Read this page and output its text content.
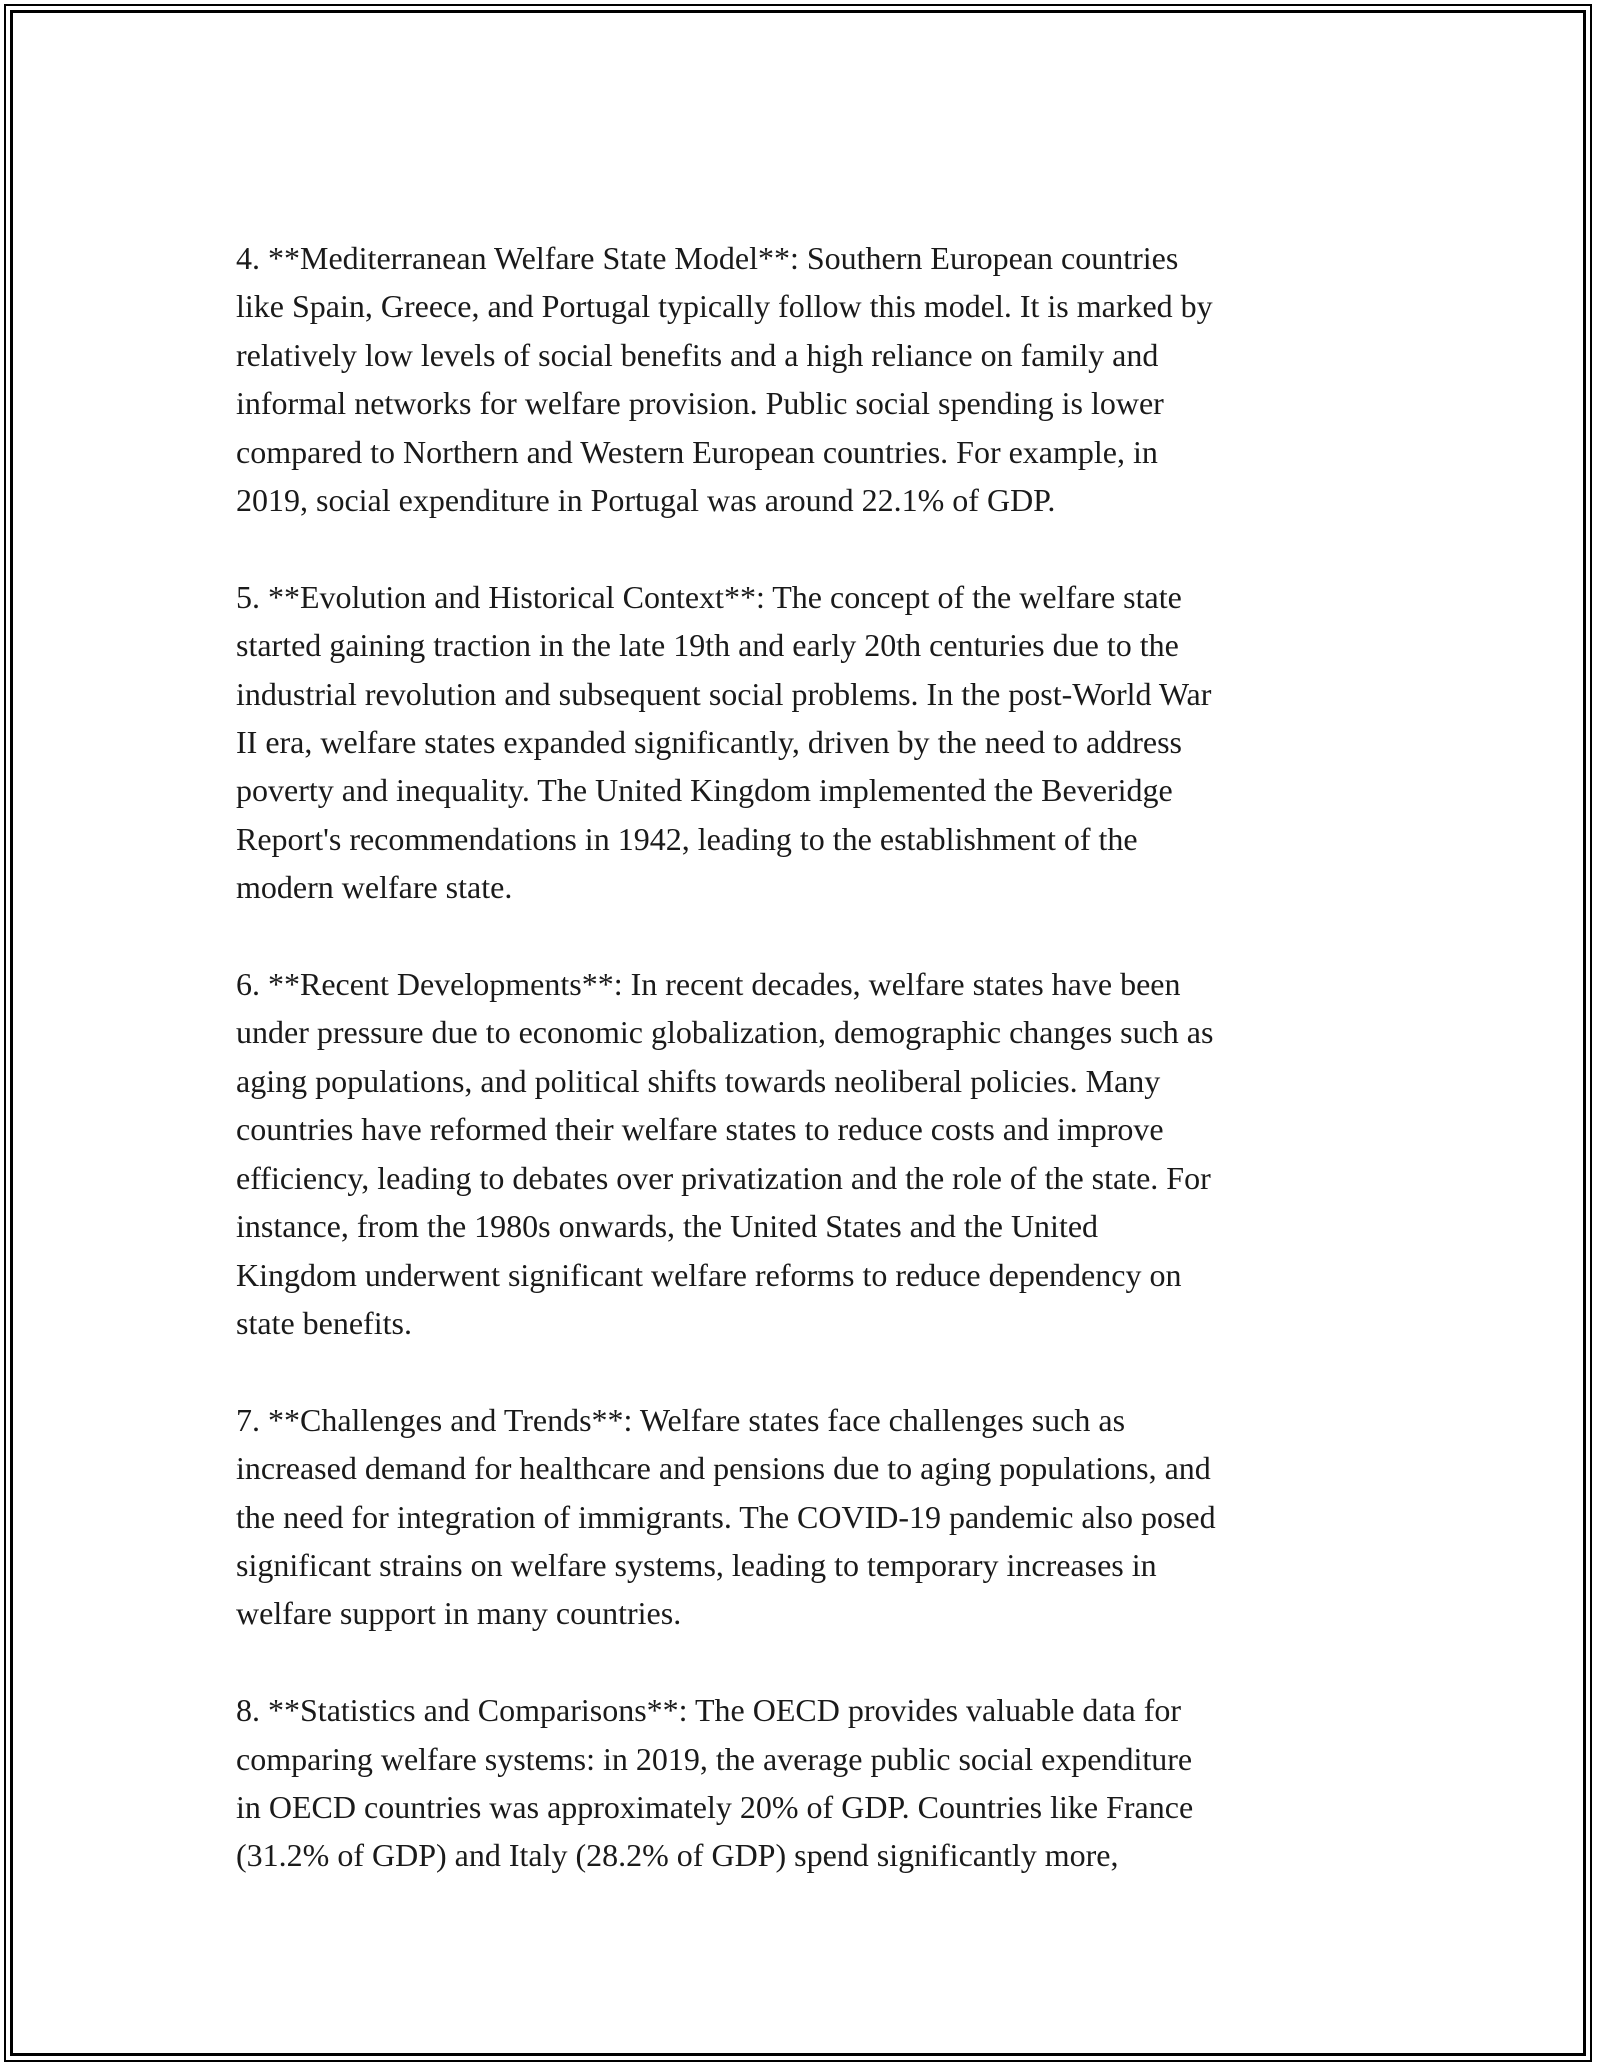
4. **Mediterranean Welfare State Model**: Southern European countries
like Spain, Greece, and Portugal typically follow this model. It is marked by
relatively low levels of social benefits and a high reliance on family and
informal networks for welfare provision. Public social spending is lower
compared to Northern and Western European countries. For example, in
2019, social expenditure in Portugal was around 22.1% of GDP.

5. **Evolution and Historical Context**: The concept of the welfare state
started gaining traction in the late 19th and early 20th centuries due to the
industrial revolution and subsequent social problems. In the post-World War
II era, welfare states expanded significantly, driven by the need to address
poverty and inequality. The United Kingdom implemented the Beveridge
Report's recommendations in 1942, leading to the establishment of the
modern welfare state.

6. **Recent Developments**: In recent decades, welfare states have been
under pressure due to economic globalization, demographic changes such as
aging populations, and political shifts towards neoliberal policies. Many
countries have reformed their welfare states to reduce costs and improve
efficiency, leading to debates over privatization and the role of the state. For
instance, from the 1980s onwards, the United States and the United
Kingdom underwent significant welfare reforms to reduce dependency on
state benefits.

7. **Challenges and Trends**: Welfare states face challenges such as
increased demand for healthcare and pensions due to aging populations, and
the need for integration of immigrants. The COVID-19 pandemic also posed
significant strains on welfare systems, leading to temporary increases in
welfare support in many countries.

8. **Statistics and Comparisons**: The OECD provides valuable data for
comparing welfare systems: in 2019, the average public social expenditure
in OECD countries was approximately 20% of GDP. Countries like France
(31.2% of GDP) and Italy (28.2% of GDP) spend significantly more,
